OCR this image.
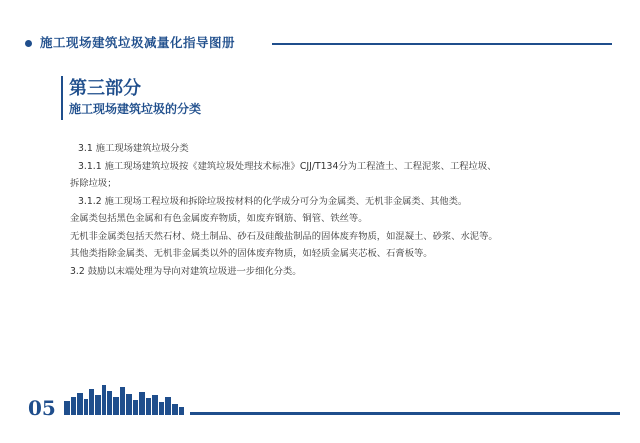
施工现场建筑垃圾减量化指导图册
第三部分
施工现场建筑垃圾的分类

3.1 施工现场建筑垃圾分类

3.1.1 施工现场建筑垃圾按《建筑垃圾处理技术标准》CJJ/T134分为工程渣土、工程泥浆、工程垃圾、

拆除垃圾；

3.1.2 施工现场工程垃圾和拆除垃圾按材料的化学成分可分为金属类、无机非金属类、其他类。

金属类包括黑色金属和有色金属废弃物质，如废弃钢筋、铜管、铁丝等。

无机非金属类包括天然石材、烧土制品、砂石及硅酸盐制品的固体废弃物质，如混凝土、砂浆、水泥等。

其他类指除金属类、无机非金属类以外的固体废弃物质，如轻质金属夹芯板、石膏板等。

3.2 鼓励以末端处理为导向对建筑垃圾进一步细化分类。

05
